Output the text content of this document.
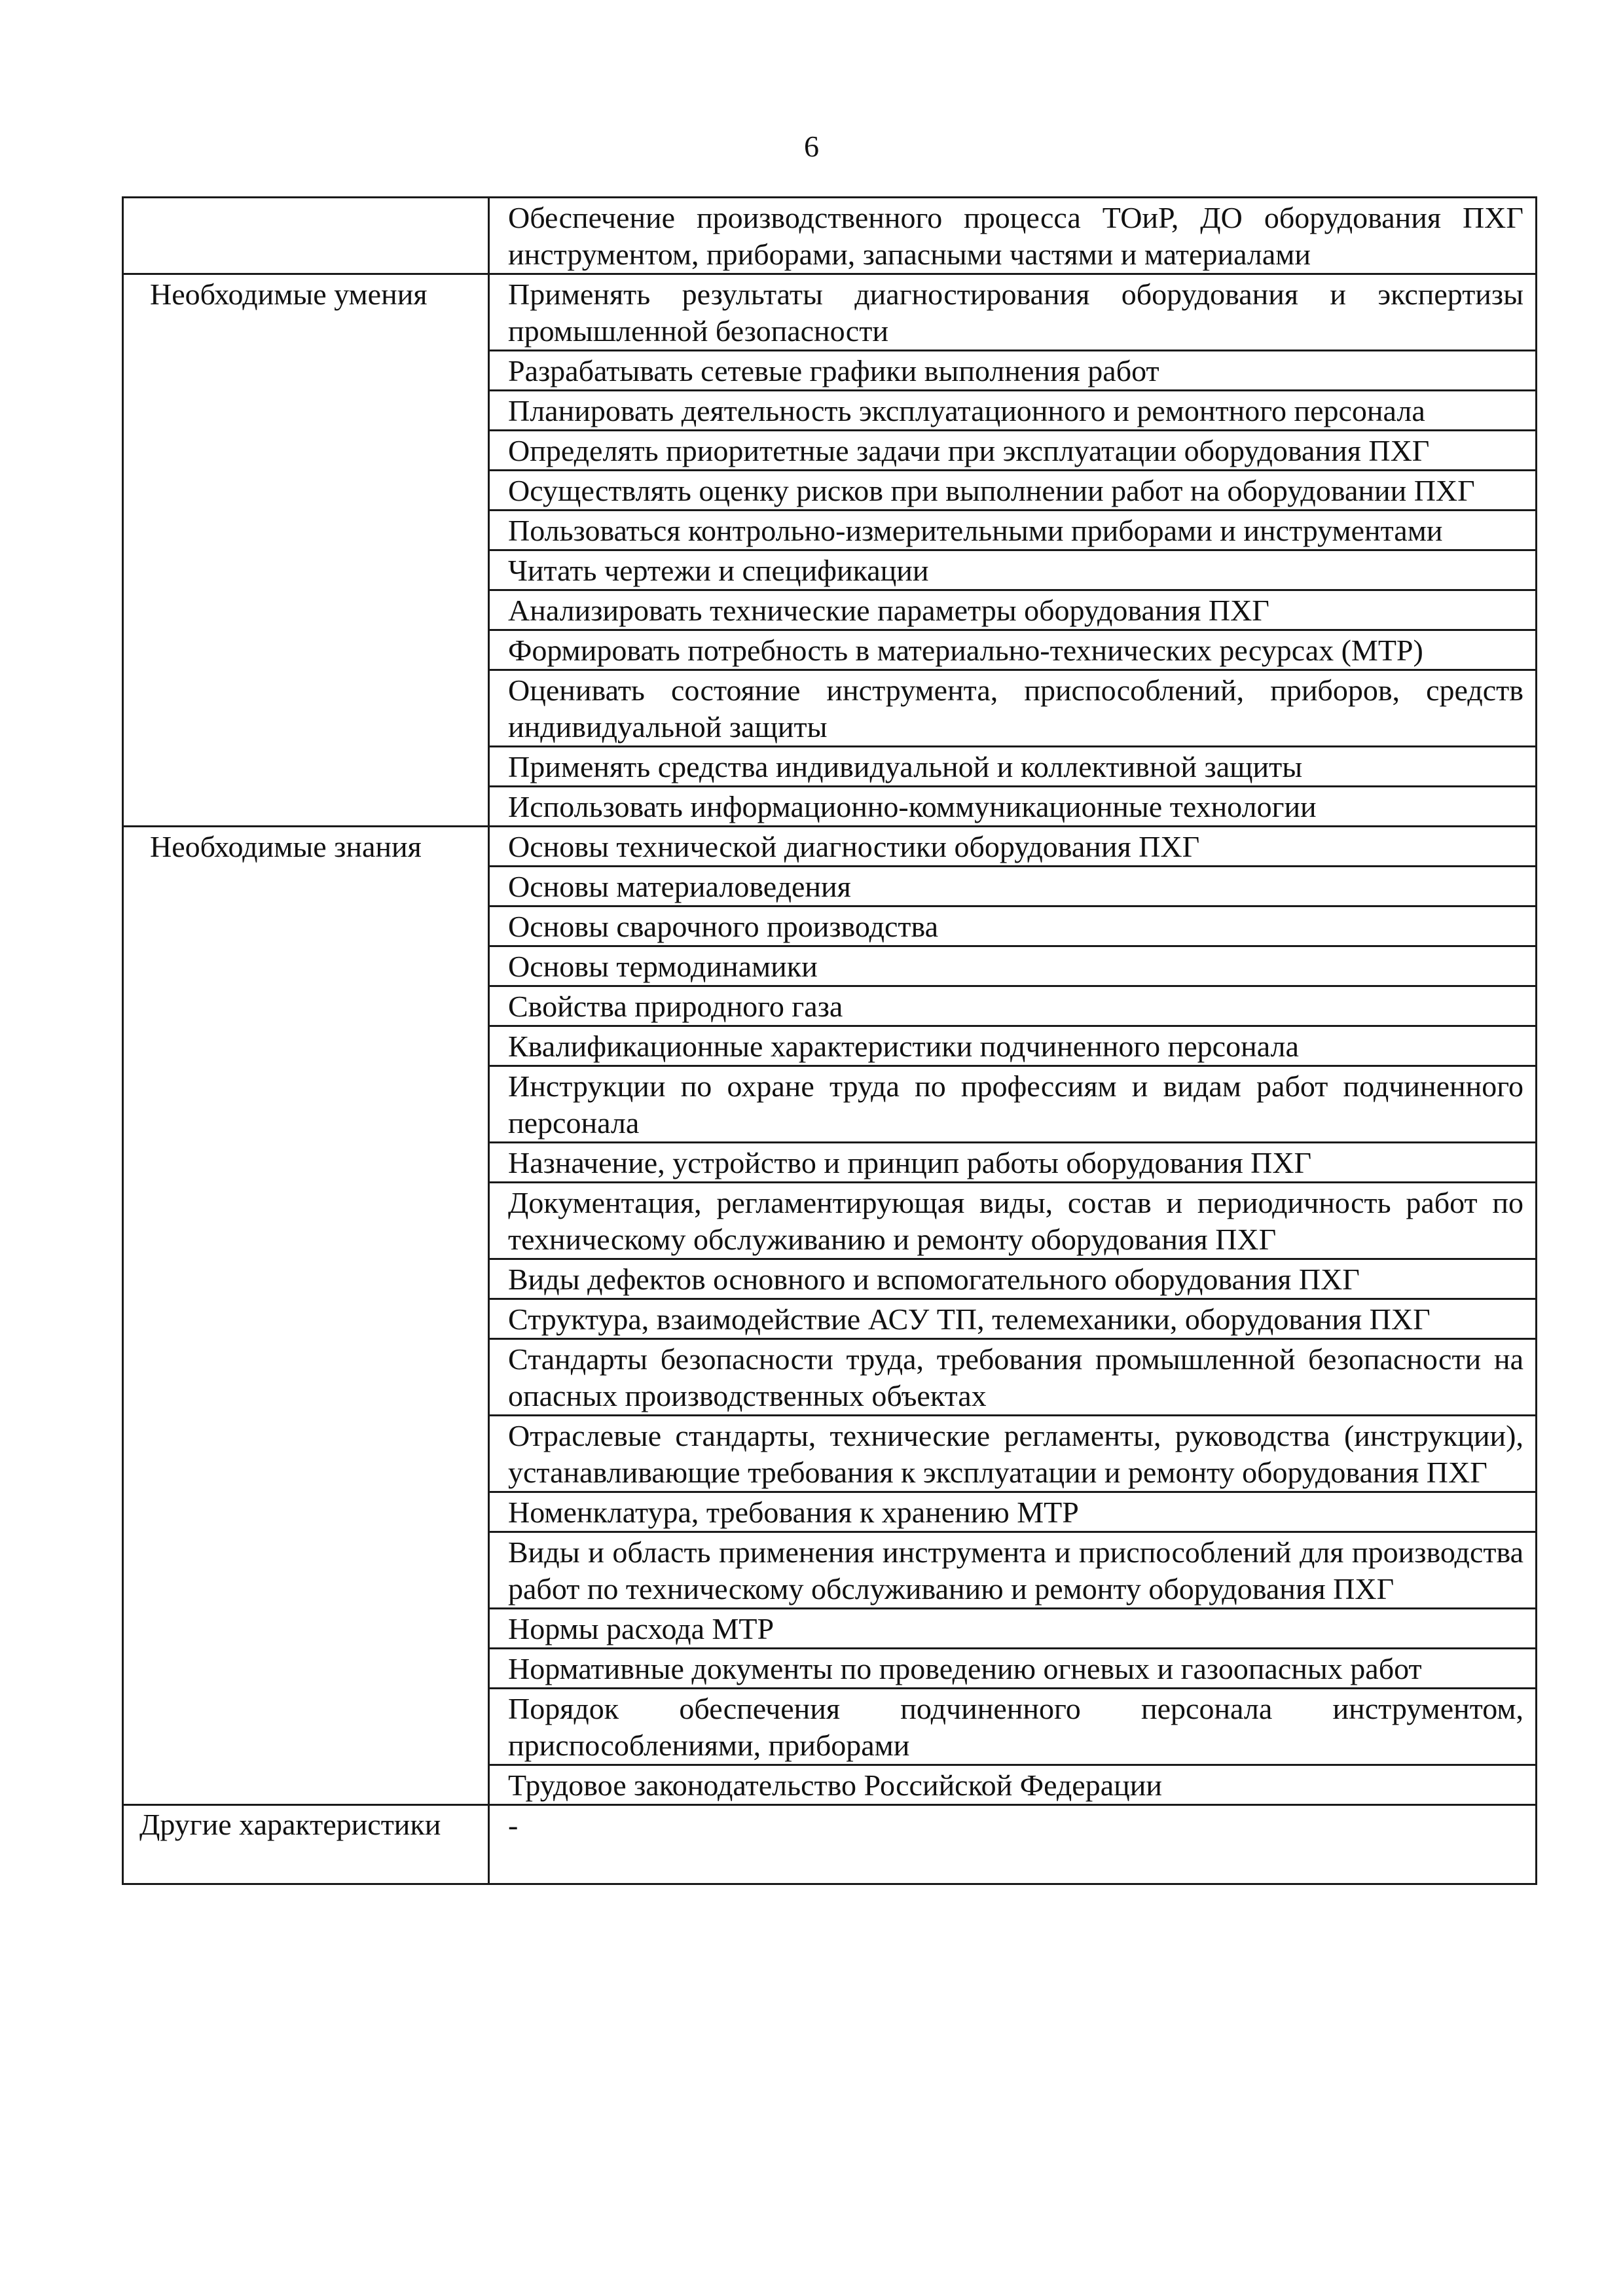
6
	Обеспечение производственного процесса ТОиР, ДО оборудования ПХГ инструментом, приборами, запасными частями и материалами
Необходимые умения	Применять результаты диагностирования оборудования и экспертизы промышленной безопасности
	Разрабатывать сетевые графики выполнения работ
	Планировать деятельность эксплуатационного и ремонтного персонала
	Определять приоритетные задачи при эксплуатации оборудования ПХГ
	Осуществлять оценку рисков при выполнении работ на оборудовании ПХГ
	Пользоваться контрольно-измерительными приборами и инструментами
	Читать чертежи и спецификации
	Анализировать технические параметры оборудования ПХГ
	Формировать потребность в материально-технических ресурсах (МТР)
	Оценивать состояние инструмента, приспособлений, приборов, средств индивидуальной защиты
	Применять средства индивидуальной и коллективной защиты
	Использовать информационно-коммуникационные технологии
Необходимые знания	Основы технической диагностики оборудования ПХГ
	Основы материаловедения
	Основы сварочного производства
	Основы термодинамики
	Свойства природного газа
	Квалификационные характеристики подчиненного персонала
	Инструкции по охране труда по профессиям и видам работ подчиненного персонала
	Назначение, устройство и принцип работы оборудования ПХГ
	Документация, регламентирующая виды, состав и периодичность работ по техническому обслуживанию и ремонту оборудования ПХГ
	Виды дефектов основного и вспомогательного оборудования ПХГ
	Структура, взаимодействие АСУ ТП, телемеханики, оборудования ПХГ
	Стандарты безопасности труда, требования промышленной безопасности на опасных производственных объектах
	Отраслевые стандарты, технические регламенты, руководства (инструкции), устанавливающие требования к эксплуатации и ремонту оборудования ПХГ
	Номенклатура, требования к хранению МТР
	Виды и область применения инструмента и приспособлений для производства работ по техническому обслуживанию и ремонту оборудования ПХГ
	Нормы расхода МТР
	Нормативные документы по проведению огневых и газоопасных работ
	Порядок обеспечения подчиненного персонала инструментом, приспособлениями, приборами
	Трудовое законодательство Российской Федерации
Другие характеристики	-
